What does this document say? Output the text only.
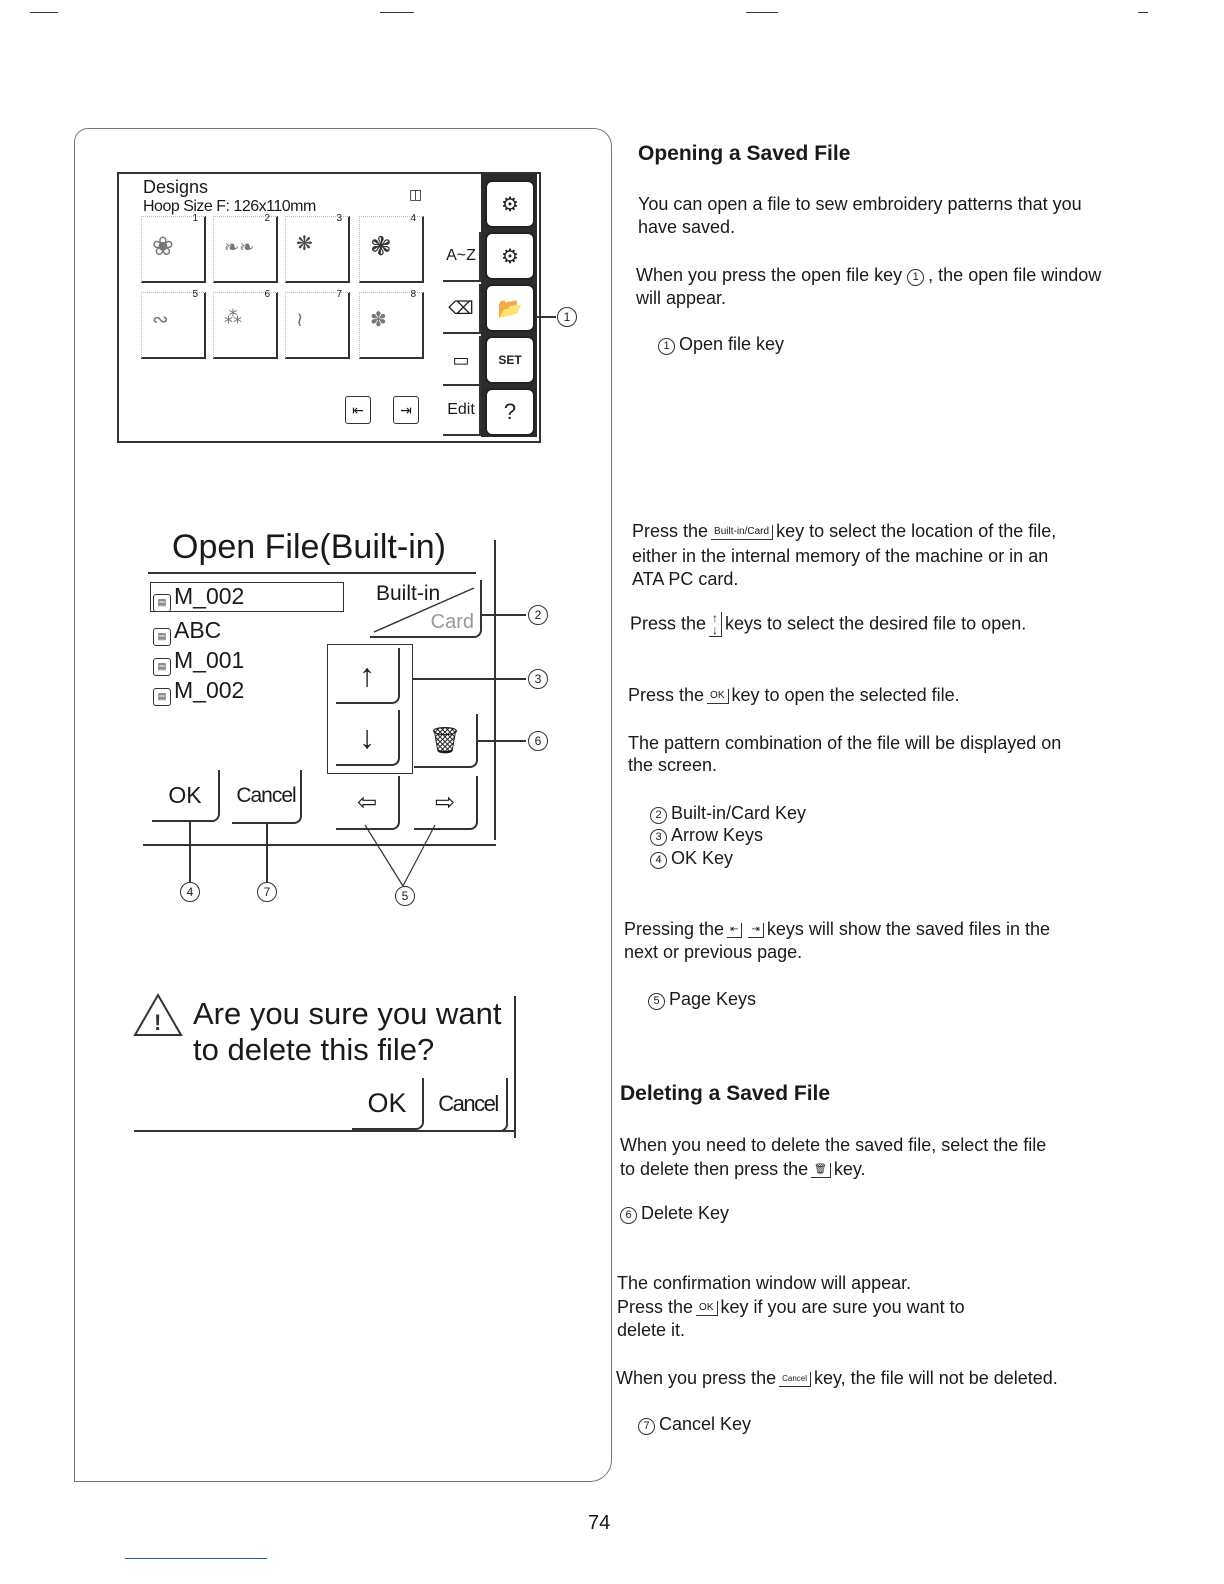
Designs
Hoop Size F: 126x110mm
◫
1
❀
2
❧❧
3
❋
4
❃
5
∾
6
⁂
7
≀
8
✽
⇤	⇥
A~Z
⌫
▭
Edit
⚙
⚙
📂
SET
?
1
Open File(Built-in)
▤ M_002
▤ ABC
▤ M_001
▤ M_002
Built-in
Card	2
↑
↓
3
🗑	6
OK	Cancel	⇦	⇨
4	7	5
! Are you sure you want
to delete this file?
OK	Cancel
Opening a Saved File
You can open a file to sew embroidery patterns that you
have saved.
When you press the open file key 1 , the open file window
will appear.
1 Open file key
Press the Built-in/Card key to select the location of the file,
either in the internal memory of the machine or in an
ATA PC card.
Press the ↑
↓ keys to select the desired file to open.
Press the OK key to open the selected file.
The pattern combination of the file will be displayed on
the screen.
2 Built-in/Card Key
3 Arrow Keys
4 OK Key
Pressing the ⇤ ⇥ keys will show the saved files in the
next or previous page.
5 Page Keys
Deleting a Saved File
When you need to delete the saved file, select the file
to delete then press the 🗑 key.
6 Delete Key
The confirmation window will appear.
Press the OK key if you are sure you want to
delete it.
When you press the Cancel key, the file will not be deleted.
7 Cancel Key
74
